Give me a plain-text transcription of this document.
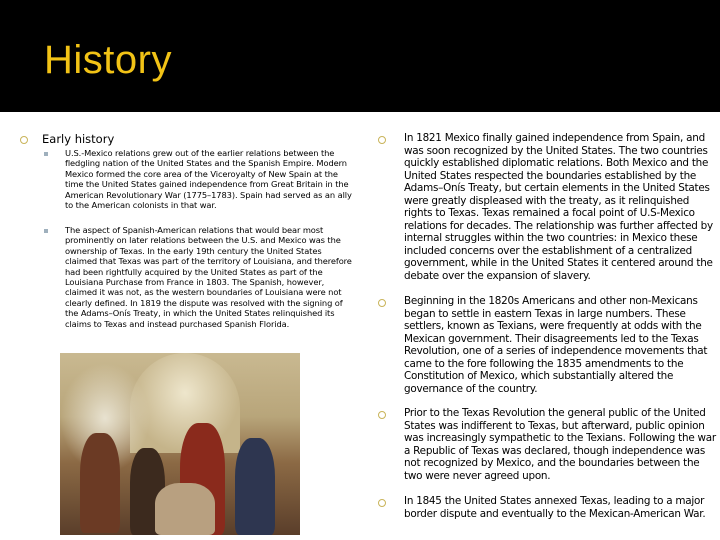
History
Early history
U.S.-Mexico relations grew out of the earlier relations between the fledgling nation of the United States and the Spanish Empire. Modern Mexico formed the core area of the Viceroyalty of New Spain at the time the United States gained independence from Great Britain in the American Revolutionary War (1775–1783). Spain had served as an ally to the American colonists in that war.
The aspect of Spanish-American relations that would bear most prominently on later relations between the U.S. and Mexico was the ownership of Texas. In the early 19th century the United States claimed that Texas was part of the territory of Louisiana, and therefore had been rightfully acquired by the United States as part of the Louisiana Purchase from France in 1803. The Spanish, however, claimed it was not, as the western boundaries of Louisiana were not clearly defined. In 1819 the dispute was resolved with the signing of the Adams–Onís Treaty, in which the United States relinquished its claims to Texas and instead purchased Spanish Florida.
In 1821 Mexico finally gained independence from Spain, and was soon recognized by the United States. The two countries quickly established diplomatic relations. Both Mexico and the United States respected the boundaries established by the Adams–Onís Treaty, but certain elements in the United States were greatly displeased with the treaty, as it relinquished rights to Texas. Texas remained a focal point of U.S-Mexico relations for decades. The relationship was further affected by internal struggles within the two countries: in Mexico these included concerns over the establishment of a centralized government, while in the United States it centered around the debate over the expansion of slavery.
Beginning in the 1820s Americans and other non-Mexicans began to settle in eastern Texas in large numbers. These settlers, known as Texians, were frequently at odds with the Mexican government. Their disagreements led to the Texas Revolution, one of a series of independence movements that came to the fore following the 1835 amendments to the Constitution of Mexico, which substantially altered the governance of the country.
Prior to the Texas Revolution the general public of the United States was indifferent to Texas, but afterward, public opinion was increasingly sympathetic to the Texians. Following the war a Republic of Texas was declared, though independence was not recognized by Mexico, and the boundaries between the two were never agreed upon.
In 1845 the United States annexed Texas, leading to a major border dispute and eventually to the Mexican-American War.
